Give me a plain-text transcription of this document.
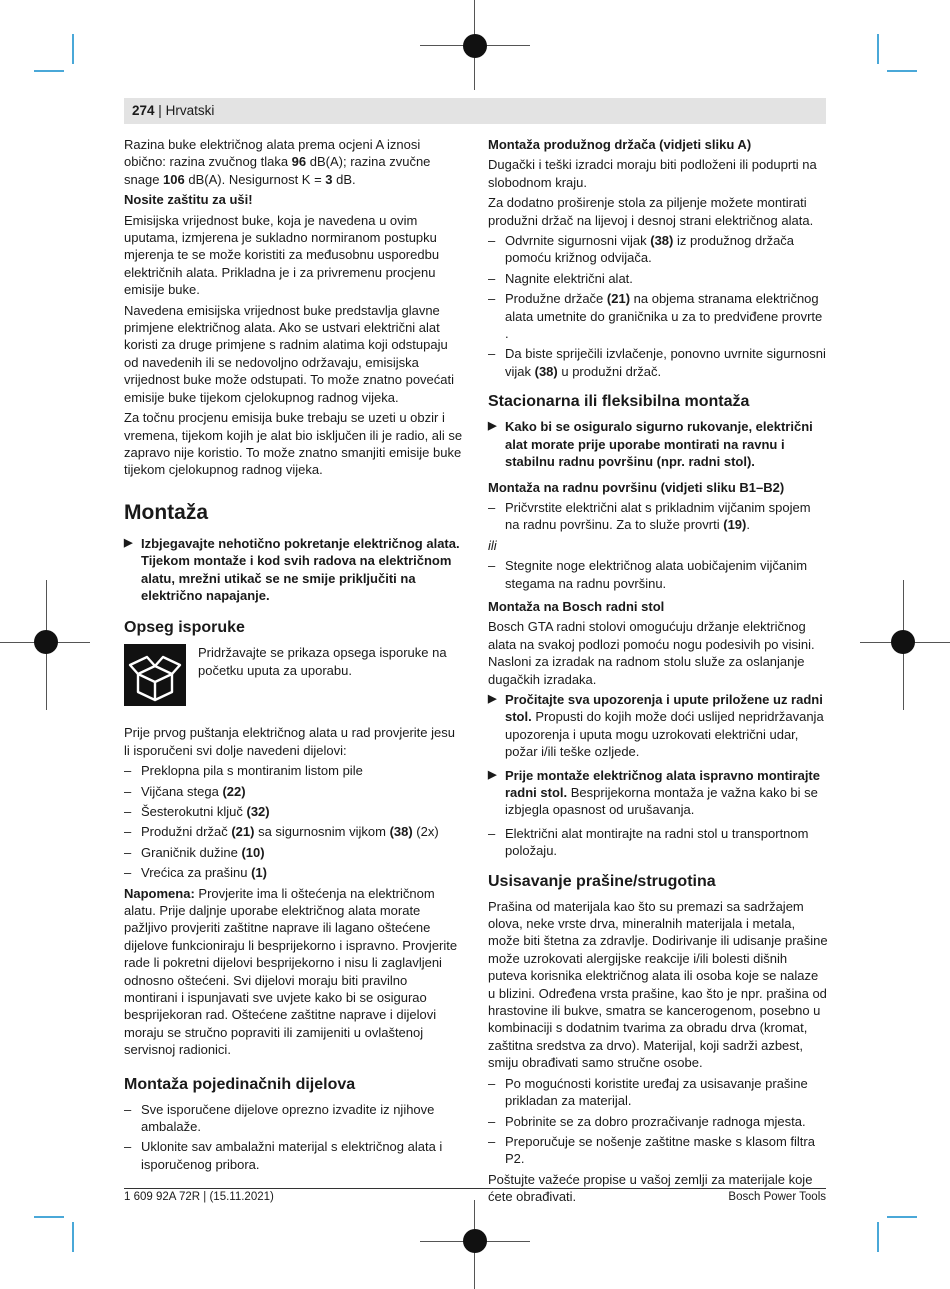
274 | Hrvatski

Razina buke električnog alata prema ocjeni A iznosi obično: razina zvučnog tlaka 96 dB(A); razina zvučne snage 106 dB(A). Nesigurnost K = 3 dB.

Nosite zaštitu za uši!

Emisijska vrijednost buke, koja je navedena u ovim uputama, izmjerena je sukladno normiranom postupku mjerenja te se može koristiti za međusobnu usporedbu električnih alata. Prikladna je i za privremenu procjenu emisije buke.

Navedena emisijska vrijednost buke predstavlja glavne primjene električnog alata. Ako se ustvari električni alat koristi za druge primjene s radnim alatima koji odstupaju od navedenih ili se nedovoljno održavaju, emisijska vrijednost buke može odstupati. To može znatno povećati emisije buke tijekom cjelokupnog radnog vijeka.

Za točnu procjenu emisija buke trebaju se uzeti u obzir i vremena, tijekom kojih je alat bio isključen ili je radio, ali se zapravo nije koristio. To može znatno smanjiti emisije buke tijekom cjelokupnog radnog vijeka.

Montaža
▶ Izbjegavajte nehotično pokretanje električnog alata. Tijekom montaže i kod svih radova na električnom alatu, mrežni utikač se ne smije priključiti na električno napajanje.
Opseg isporuke
Pridržavajte se prikaza opsega isporuke na početku uputa za uporabu.

Prije prvog puštanja električnog alata u rad provjerite jesu li isporučeni svi dolje navedeni dijelovi:

– Preklopna pila s montiranim listom pile
– Vijčana stega (22)
– Šesterokutni ključ (32)
– Produžni držač (21) sa sigurnosnim vijkom (38) (2x)
– Graničnik dužine (10)
– Vrećica za prašinu (1)

Napomena: Provjerite ima li oštećenja na električnom alatu. Prije daljnje uporabe električnog alata morate pažljivo provjeriti zaštitne naprave ili lagano oštećene dijelove funkcioniraju li besprijekorno i ispravno. Provjerite rade li pokretni dijelovi besprijekorno i nisu li zaglavljeni odnosno oštećeni. Svi dijelovi moraju biti pravilno montirani i ispunjavati sve uvjete kako bi se osigurao besprijekoran rad. Oštećene zaštitne naprave i dijelovi moraju se stručno popraviti ili zamijeniti u ovlaštenoj servisnoj radionici.

Montaža pojedinačnih dijelova
– Sve isporučene dijelove oprezno izvadite iz njihove ambalaže.
– Uklonite sav ambalažni materijal s električnog alata i isporučenog pribora.

Montaža produžnog držača (vidjeti sliku A)

Dugački i teški izradci moraju biti podloženi ili poduprti na slobodnom kraju.

Za dodatno proširenje stola za piljenje možete montirati produžni držač na lijevoj i desnoj strani električnog alata.

– Odvrnite sigurnosni vijak (38) iz produžnog držača pomoću križnog odvijača.
– Nagnite električni alat.
– Produžne držače (21) na objema stranama električnog alata umetnite do graničnika u za to predviđene provrte .
– Da biste spriječili izvlačenje, ponovno uvrnite sigurnosni vijak (38) u produžni držač.
Stacionarna ili fleksibilna montaža
▶ Kako bi se osiguralo sigurno rukovanje, električni alat morate prije uporabe montirati na ravnu i stabilnu radnu površinu (npr. radni stol).

Montaža na radnu površinu (vidjeti sliku B1–B2)

– Pričvrstite električni alat s prikladnim vijčanim spojem na radnu površinu. Za to služe provrti (19).

ili

– Stegnite noge električnog alata uobičajenim vijčanim stegama na radnu površinu.

Montaža na Bosch radni stol

Bosch GTA radni stolovi omogućuju držanje električnog alata na svakoj podlozi pomoću nogu podesivih po visini. Nasloni za izradak na radnom stolu služe za oslanjanje dugačkih izradaka.

▶ Pročitajte sva upozorenja i upute priložene uz radni stol. Propusti do kojih može doći uslijed nepridržavanja upozorenja i uputa mogu uzrokovati električni udar, požar i/ili teške ozljede.
▶ Prije montaže električnog alata ispravno montirajte radni stol. Besprijekorna montaža je važna kako bi se izbjegla opasnost od urušavanja.
– Električni alat montirajte na radni stol u transportnom položaju.
Usisavanje prašine/strugotina

Prašina od materijala kao što su premazi sa sadržajem olova, neke vrste drva, mineralnih materijala i metala, može biti štetna za zdravlje. Dodirivanje ili udisanje prašine može uzrokovati alergijske reakcije i/ili bolesti dišnih puteva korisnika električnog alata ili osoba koje se nalaze u blizini. Određena vrsta prašine, kao što je npr. prašina od hrastovine ili bukve, smatra se kancerogenom, posebno u kombinaciji s dodatnim tvarima za obradu drva (kromat, zaštitna sredstva za drvo). Materijal, koji sadrži azbest, smiju obrađivati samo stručne osobe.

– Po mogućnosti koristite uređaj za usisavanje prašine prikladan za materijal.
– Pobrinite se za dobro prozračivanje radnoga mjesta.
– Preporučuje se nošenje zaštitne maske s klasom filtra P2.

Poštujte važeće propise u vašoj zemlji za materijale koje ćete obrađivati.

1 609 92A 72R | (15.11.2021)	Bosch Power Tools
